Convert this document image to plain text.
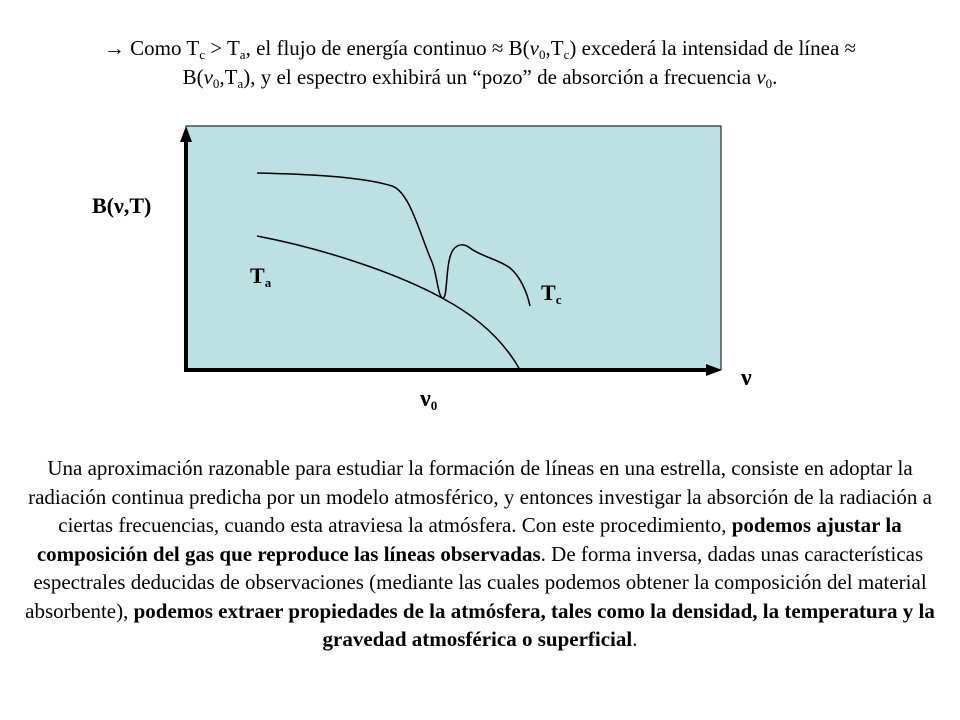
→ Como $T_c > T_a$, el flujo de energía continuo ≈ $B(\nu_0,T_c)$ excederá la intensidad de línea ≈
$B(\nu_0,T_a)$, y el espectro exhibirá un “pozo” de absorción a frecuencia $\nu_0$.
B(ν,T)
ν
$\nu_0$
$T_a$	$T_c$
Una aproximación razonable para estudiar la formación de líneas en una estrella, consiste en adoptar la radiación continua predicha por un modelo atmosférico, y entonces investigar la absorción de la radiación a ciertas frecuencias, cuando esta atraviesa la atmósfera. Con este procedimiento, podemos ajustar la composición del gas que reproduce las líneas observadas. De forma inversa, dadas unas características espectrales deducidas de observaciones (mediante las cuales podemos obtener la composición del material absorbente), podemos extraer propiedades de la atmósfera, tales como la densidad, la temperatura y la gravedad atmosférica o superficial.
